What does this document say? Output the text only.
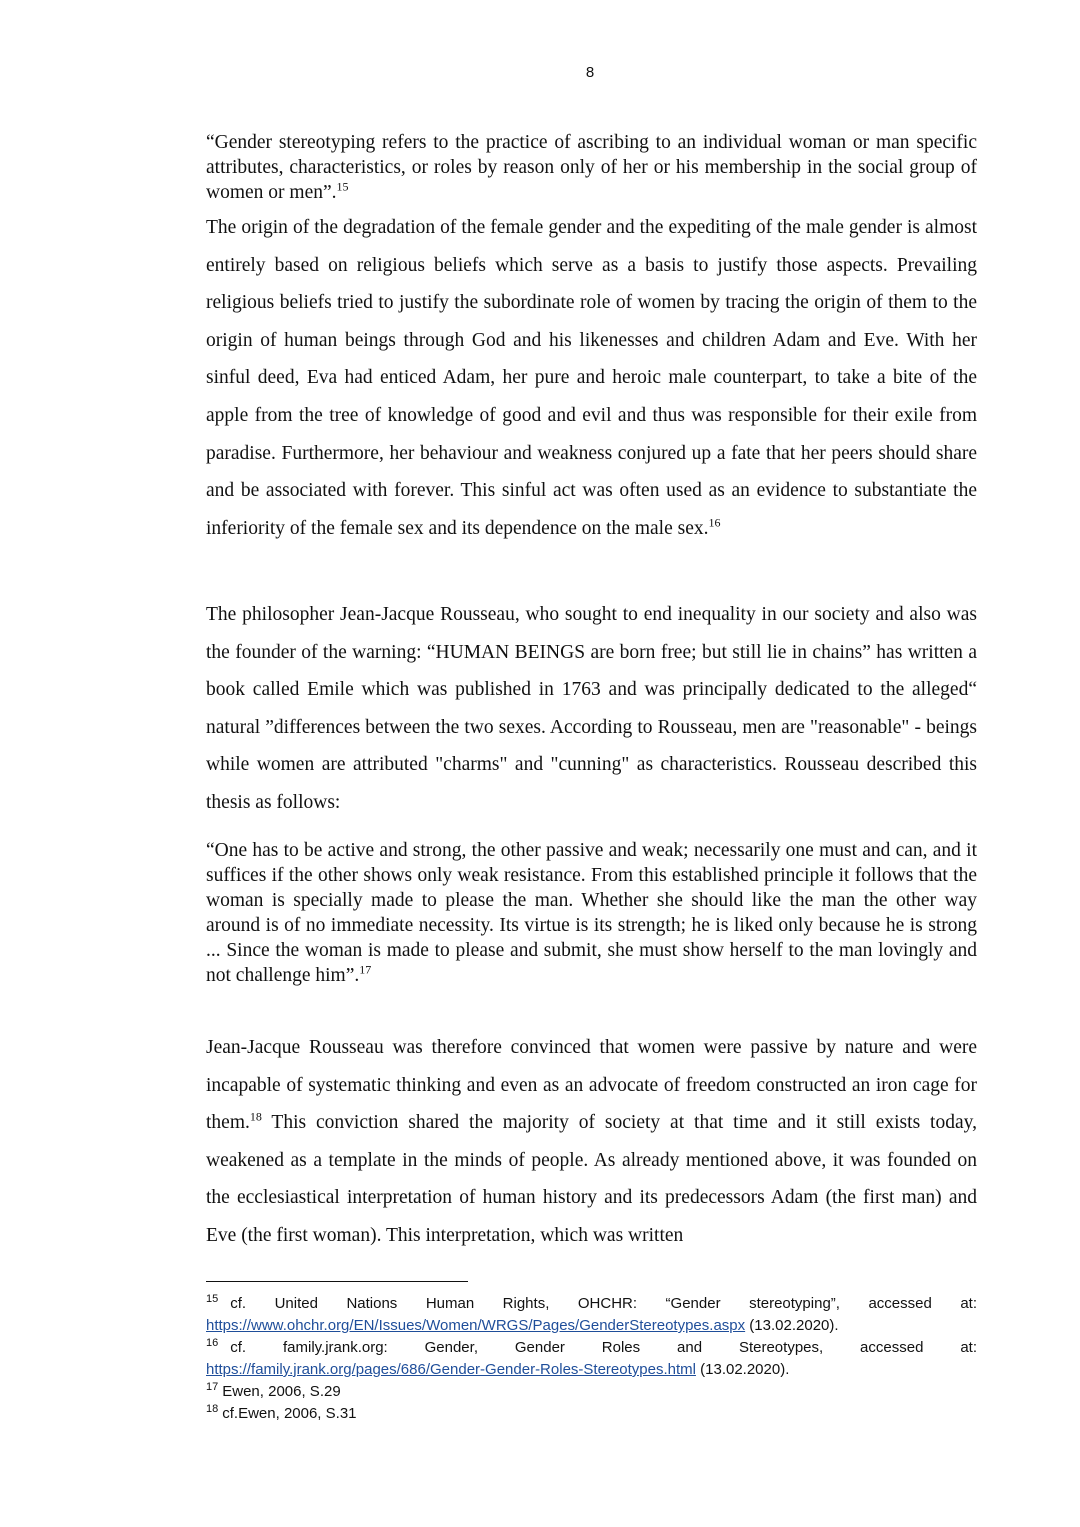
8

“Gender stereotyping refers to the practice of ascribing to an individual woman or man specific attributes, characteristics, or roles by reason only of her or his membership in the social group of women or men”.$^{15}$

The origin of the degradation of the female gender and the expediting of the male gender is almost entirely based on religious beliefs which serve as a basis to justify those aspects. Prevailing religious beliefs tried to justify the subordinate role of women by tracing the origin of them to the origin of human beings through God and his likenesses and children Adam and Eve. With her sinful deed, Eva had enticed Adam, her pure and heroic male counterpart, to take a bite of the apple from the tree of knowledge of good and evil and thus was responsible for their exile from paradise. Furthermore, her behaviour and weakness conjured up a fate that her peers should share and be associated with forever. This sinful act was often used as an evidence to substantiate the inferiority of the female sex and its dependence on the male sex.$^{16}$

The philosopher Jean-Jacque Rousseau, who sought to end inequality in our society and also was the founder of the warning: “HUMAN BEINGS are born free; but still lie in chains” has written a book called Emile which was published in 1763 and was principally dedicated to the alleged“ natural ”differences between the two sexes. According to Rousseau, men are "reasonable" - beings while women are attributed "charms" and "cunning" as characteristics. Rousseau described this thesis as follows:

“One has to be active and strong, the other passive and weak; necessarily one must and can, and it suffices if the other shows only weak resistance. From this established principle it follows that the woman is specially made to please the man. Whether she should like the man the other way around is of no immediate necessity. Its virtue is its strength; he is liked only because he is strong ... Since the woman is made to please and submit, she must show herself to the man lovingly and not challenge him”.$^{17}$

Jean-Jacque Rousseau was therefore convinced that women were passive by nature and were incapable of systematic thinking and even as an advocate of freedom constructed an iron cage for them.$^{18}$ This conviction shared the majority of society at that time and it still exists today, weakened as a template in the minds of people. As already mentioned above, it was founded on the ecclesiastical interpretation of human history and its predecessors Adam (the first man) and Eve (the first woman). This interpretation, which was written

$^{15}$ cf. United Nations Human Rights, OHCHR: “Gender stereotyping”, accessed at:
https://www.ohchr.org/EN/Issues/Women/WRGS/Pages/GenderStereotypes.aspx (13.02.2020).
$^{16}$ cf. family.jrank.org: Gender, Gender Roles and Stereotypes, accessed at:
https://family.jrank.org/pages/686/Gender-Gender-Roles-Stereotypes.html (13.02.2020).
$^{17}$ Ewen, 2006, S.29
$^{18}$ cf.Ewen, 2006, S.31
